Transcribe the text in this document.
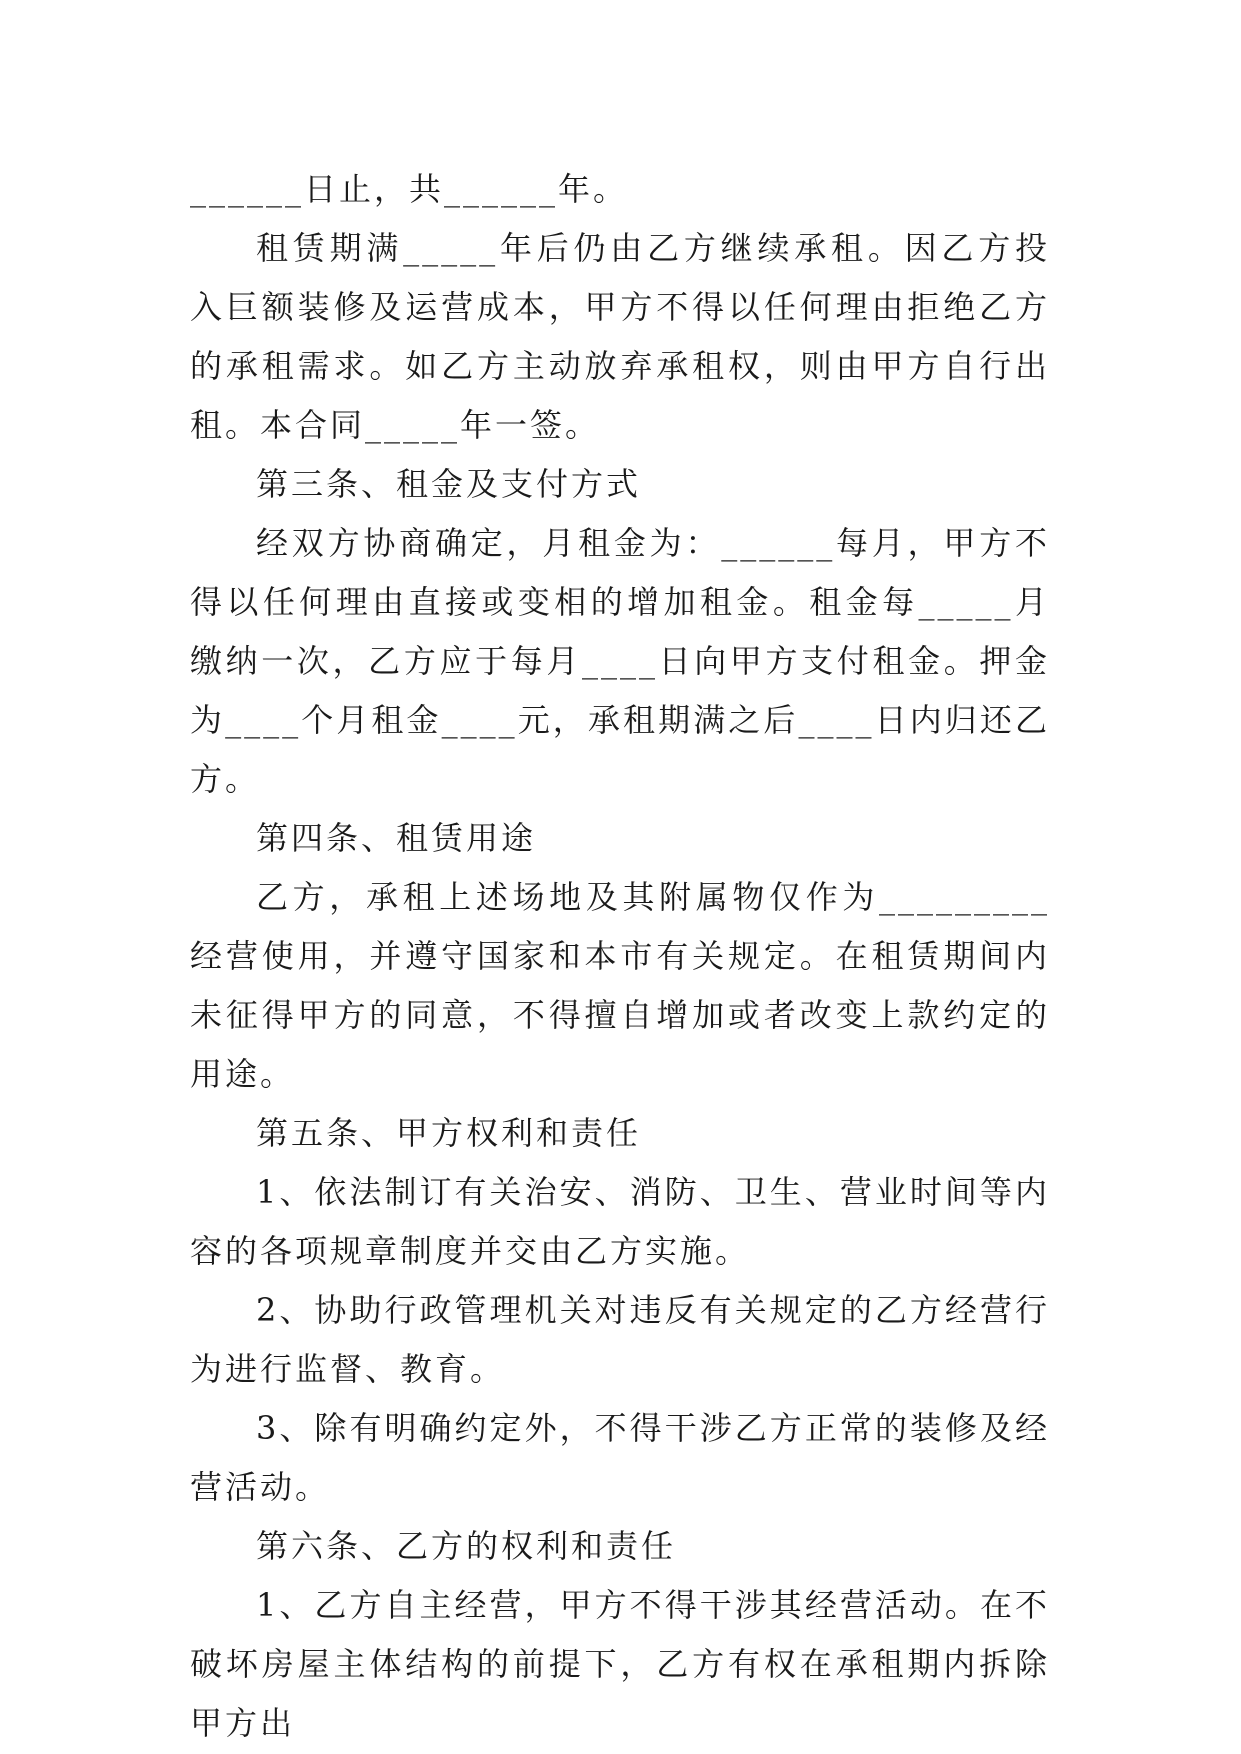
______日止，共______年。

租赁期满_____年后仍由乙方继续承租。因乙方投入巨额装修及运营成本，甲方不得以任何理由拒绝乙方的承租需求。如乙方主动放弃承租权，则由甲方自行出租。本合同_____年一签。

第三条、租金及支付方式

经双方协商确定，月租金为：______每月，甲方不得以任何理由直接或变相的增加租金。租金每_____月缴纳一次，乙方应于每月____日向甲方支付租金。押金为____个月租金____元，承租期满之后____日内归还乙方。

第四条、租赁用途

乙方，承租上述场地及其附属物仅作为_________经营使用，并遵守国家和本市有关规定。在租赁期间内未征得甲方的同意，不得擅自增加或者改变上款约定的用途。

第五条、甲方权利和责任

1、依法制订有关治安、消防、卫生、营业时间等内容的各项规章制度并交由乙方实施。

2、协助行政管理机关对违反有关规定的乙方经营行为进行监督、教育。

3、除有明确约定外，不得干涉乙方正常的装修及经营活动。

第六条、乙方的权利和责任

1、乙方自主经营，甲方不得干涉其经营活动。在不破坏房屋主体结构的前提下，乙方有权在承租期内拆除甲方出
